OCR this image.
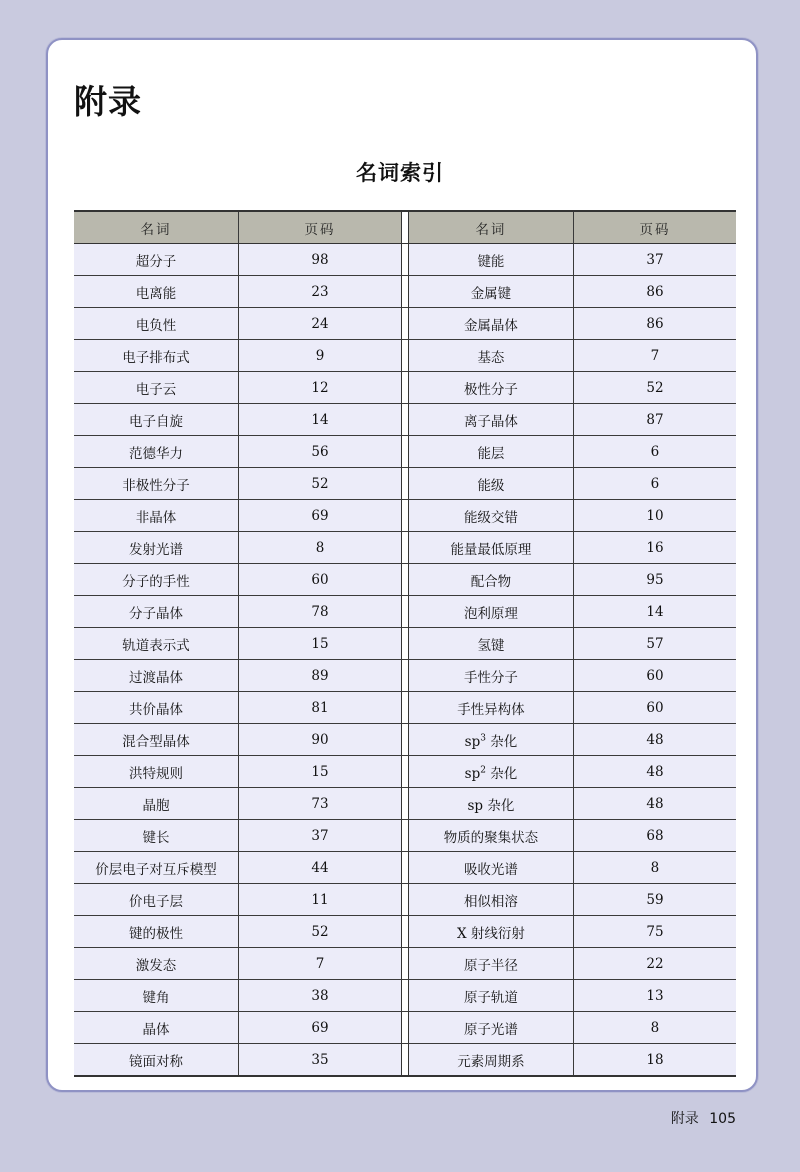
附录
名词索引
名词	页码		名词	页码
超分子	98		键能	37
电离能	23		金属键	86
电负性	24		金属晶体	86
电子排布式	9		基态	7
电子云	12		极性分子	52
电子自旋	14		离子晶体	87
范德华力	56		能层	6
非极性分子	52		能级	6
非晶体	69		能级交错	10
发射光谱	8		能量最低原理	16
分子的手性	60		配合物	95
分子晶体	78		泡利原理	14
轨道表示式	15		氢键	57
过渡晶体	89		手性分子	60
共价晶体	81		手性异构体	60
混合型晶体	90		$sp^3$ 杂化	48
洪特规则	15		$sp^2$ 杂化	48
晶胞	73		sp 杂化	48
键长	37		物质的聚集状态	68
价层电子对互斥模型	44		吸收光谱	8
价电子层	11		相似相溶	59
键的极性	52		X 射线衍射	75
激发态	7		原子半径	22
键角	38		原子轨道	13
晶体	69		原子光谱	8
镜面对称	35		元素周期系	18
附录 105
